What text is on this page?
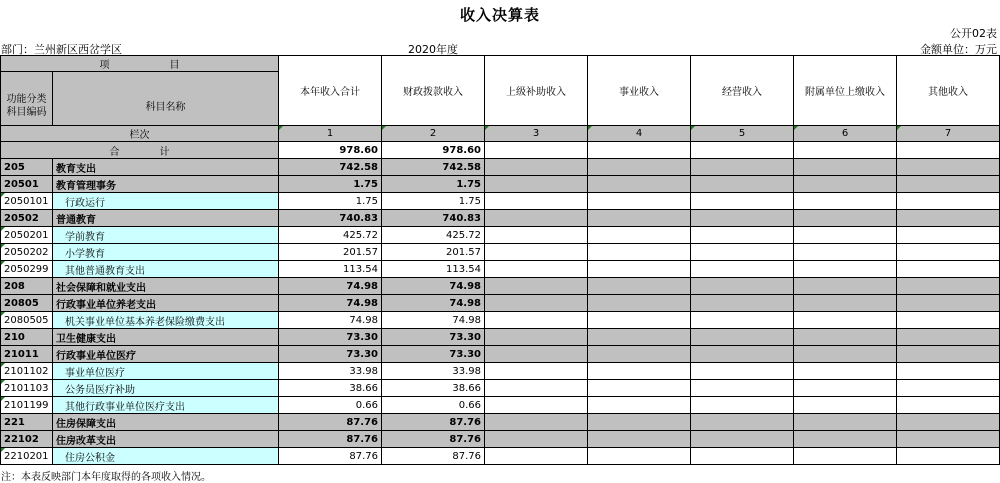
收入决算表
公开02表
部门：兰州新区西岔学区	2020年度	金额单位：万元
项　　　　　　目		本年收入合计	财政拨款收入	上级补助收入	事业收入	经营收入	附属单位上缴收入	其他收入

功能分类科目编码	科目名称							
栏次		1	2	3	4	5	6	7
合　　　　计		978.60	978.60					
205	教育支出	742.58	742.58					
20501	教育管理事务	1.75	1.75					
2050101	行政运行	1.75	1.75					
20502	普通教育	740.83	740.83					
2050201	学前教育	425.72	425.72					
2050202	小学教育	201.57	201.57					
2050299	其他普通教育支出	113.54	113.54					
208	社会保障和就业支出	74.98	74.98					
20805	行政事业单位养老支出	74.98	74.98					
2080505	机关事业单位基本养老保险缴费支出	74.98	74.98					
210	卫生健康支出	73.30	73.30					
21011	行政事业单位医疗	73.30	73.30					
2101102	事业单位医疗	33.98	33.98					
2101103	公务员医疗补助	38.66	38.66					
2101199	其他行政事业单位医疗支出	0.66	0.66					
221	住房保障支出	87.76	87.76					
22102	住房改革支出	87.76	87.76					
2210201	住房公积金	87.76	87.76					
注：本表反映部门本年度取得的各项收入情况。
